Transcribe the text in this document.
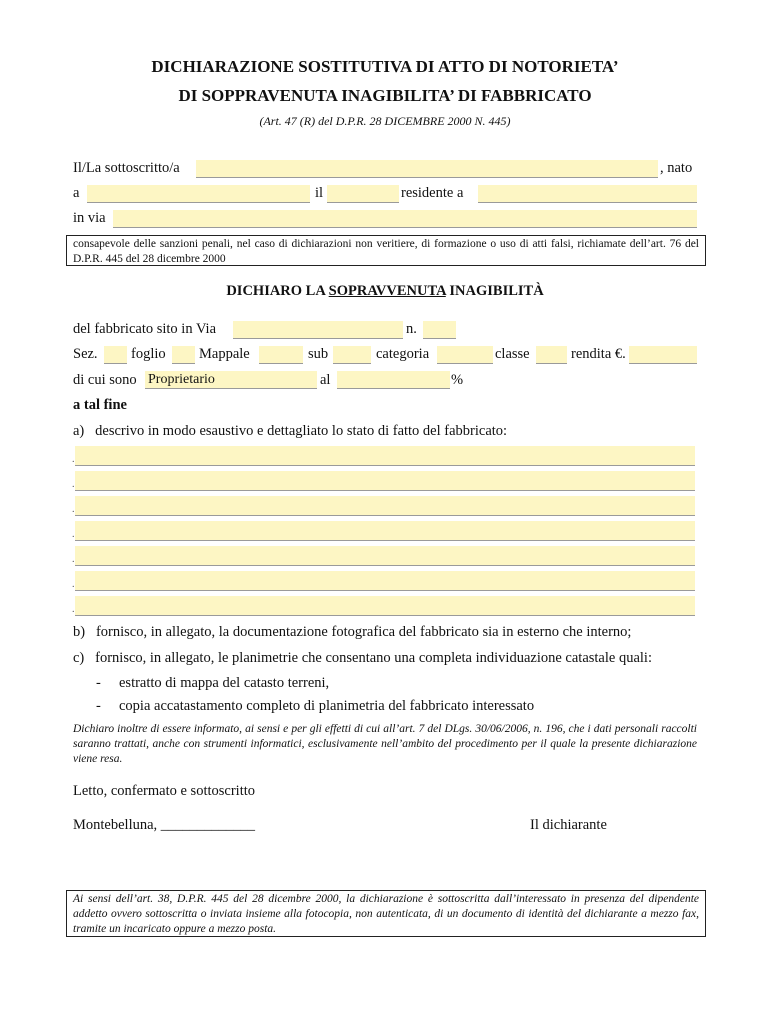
DICHIARAZIONE SOSTITUTIVA DI ATTO DI NOTORIETA’
DI SOPPRAVENUTA INAGIBILITA’ DI FABBRICATO
(Art. 47 (R) del D.P.R. 28 DICEMBRE 2000 N. 445)
Il/La sottoscritto/a	, nato
a	il	residente a
in via
consapevole delle sanzioni penali, nel caso di dichiarazioni non veritiere, di formazione o uso di atti falsi, richiamate dell’art. 76 del D.P.R. 445 del 28 dicembre 2000
DICHIARO LA SOPRAVVENUTA INAGIBILITÀ
del fabbricato sito in Via	n.
Sez. foglio Mappale	sub	categoria	classe	rendita €.
di cui sono Proprietario	al	%
a tal fine
a)   descrivo in modo esaustivo e dettagliato lo stato di fatto del fabbricato:
.
.
.
.
.
.
.
b)   fornisco, in allegato, la documentazione fotografica del fabbricato sia in esterno che interno;
c)   fornisco, in allegato, le planimetrie che consentano una completa individuazione catastale quali:
- estratto di mappa del catasto terreni,
- copia accatastamento completo di planimetria del fabbricato interessato
Dichiaro inoltre di essere informato, ai sensi e per gli effetti di cui all’art. 7 del DLgs. 30/06/2006, n. 196, che i dati personali raccolti saranno trattati, anche con strumenti informatici, esclusivamente nell’ambito del procedimento per il quale la presente dichiarazione viene resa.
Letto, confermato e sottoscritto
Montebelluna, _____________	Il dichiarante
Ai sensi dell’art. 38, D.P.R. 445 del 28 dicembre 2000, la dichiarazione è sottoscritta dall’interessato in presenza del dipendente addetto ovvero sottoscritta o inviata insieme alla fotocopia, non autenticata, di un documento di identità del dichiarante a mezzo fax, tramite un incaricato oppure a mezzo posta.
